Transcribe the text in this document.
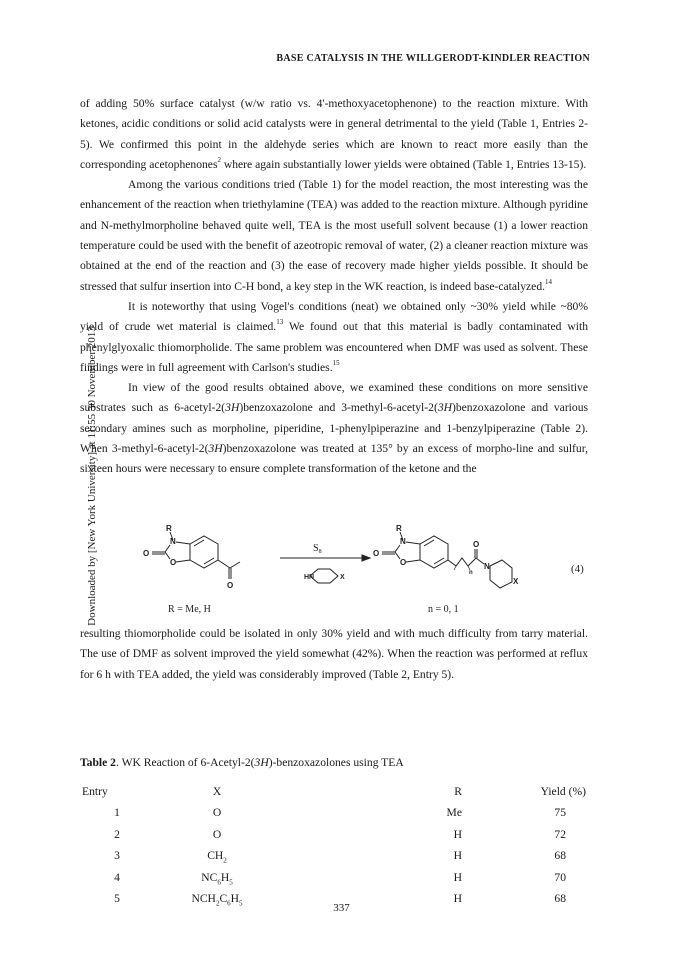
BASE CATALYSIS IN THE WILLGERODT-KINDLER REACTION
Downloaded by [New York University] at 11:55 30 November 2013

of adding 50% surface catalyst (w/w ratio vs. 4'-methoxyacetophenone) to the reaction mixture. With ketones, acidic conditions or solid acid catalysts were in general detrimental to the yield (Table 1, Entries 2-5). We confirmed this point in the aldehyde series which are known to react more easily than the corresponding acetophenones$^2$ where again substantially lower yields were obtained (Table 1, Entries 13-15).

Among the various conditions tried (Table 1) for the model reaction, the most interesting was the enhancement of the reaction when triethylamine (TEA) was added to the reaction mixture. Although pyridine and N-methylmorpholine behaved quite well, TEA is the most usefull solvent because (1) a lower reaction temperature could be used with the benefit of azeotropic removal of water, (2) a cleaner reaction mixture was obtained at the end of the reaction and (3) the ease of recovery made higher yields possible. It should be stressed that sulfur insertion into C-H bond, a key step in the WK reaction, is indeed base-catalyzed.$^{14}$

It is noteworthy that using Vogel's conditions (neat) we obtained only ~30% yield while ~80% yield of crude wet material is claimed.$^{13}$ We found out that this material is badly contaminated with phenylglyoxalic thiomorpholide. The same problem was encountered when DMF was used as solvent. These findings were in full agreement with Carlson's studies.$^{15}$

In view of the good results obtained above, we examined these conditions on more sensitive substrates such as 6-acetyl-2(3H)benzoxazolone and 3-methyl-6-acetyl-2(3H)benzoxazolone and various secondary amines such as morpholine, piperidine, 1-phenylpiperazine and 1-benzylpiperazine (Table 2). When 3-methyl-6-acetyl-2(3H)benzoxazolone was treated at 135° by an excess of morpho-line and sulfur, sixteen hours were necessary to ensure complete transformation of the ketone and the

R
N
O
O
O
HN	X
R
N
O
O
O
N
n
X
$S_8$
R = Me, H	n = 0, 1
(4)
resulting thiomorpholide could be isolated in only 30% yield and with much difficulty from tarry material. The use of DMF as solvent improved the yield somewhat (42%). When the reaction was performed at reflux for 6 h with TEA added, the yield was considerably improved (Table 2, Entry 5).
Table 2. WK Reaction of 6-Acetyl-2(3H)-benzoxazolones using TEA
Entry	X	R	Yield (%)
1	O	Me	75
2	O	H	72
3	$CH_2$	H	68
4	$NC_6H_5$	H	70
5	$NCH_2C_6H_5$	H	68
337
